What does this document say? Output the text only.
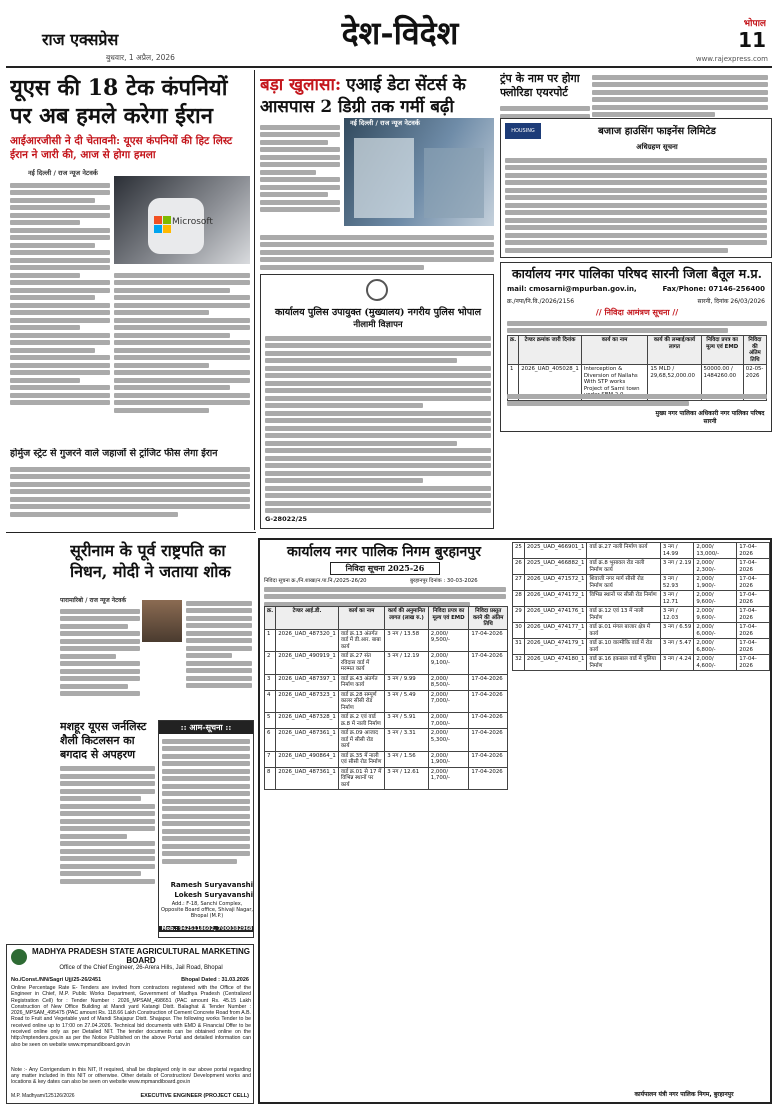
राज एक्सप्रेस
बुधवार, 1 अप्रैल, 2026
देश-विदेश	भोपाल
11
www.rajexpress.com
यूएस की 18 टेक कंपनियों पर अब हमले करेगा ईरान
आईआरजीसी ने दी चेतावनी: यूएस कंपनियों की हिट लिस्ट ईरान ने जारी की, आज से होगा हमला
नई दिल्ली / राज न्यूज नेटवर्क
Microsoft
होर्मुज स्ट्रेट से गुजरने वाले जहाजों से ट्रांजिट फीस लेगा ईरान
बड़ा खुलासा: एआई डेटा सेंटर्स के आसपास 2 डिग्री तक गर्मी बढ़ी
नई दिल्ली / राज न्यूज नेटवर्क
ट्रंप के नाम पर होगा फ्लोरिडा एयरपोर्ट
HOUSING FINANCE
बजाज हाउसिंग फाइनेंस लिमिटेड
अधिग्रहण सूचना
कार्यालय पुलिस उपायुक्त (मुख्यालय) नगरीय पुलिस भोपाल
नीलामी विज्ञापन
G-28022/25
कार्यालय नगर पालिका परिषद सारनी जिला बैतूल म.प्र.
mail: cmosarni@mpurban.gov.in,	Fax/Phone: 07146-256400
क्र./नपा/नि.वि./2026/2156	सारनी, दिनांक 26/03/2026
// निविदा आमंत्रण सूचना //
क्र.	टेण्डर क्रमांक जारी दिनांक	कार्य का नाम	कार्य की लम्बाई/कार्य लागत	निविदा प्रपत्र का मूल्य एवं EMD	निविदा की अंतिम तिथि
1	2026_UAD_405028_1	Interception & Diversion of Nallahs With STP works Project of Sarni town	15 MLD / 29,68,52,000.00	50000.00 / 1484260.00	02-05-2026
मुख्य नगर पालिका अधिकारी नगर पालिका परिषद सारनी
सूरीनाम के पूर्व राष्ट्रपति का निधन, मोदी ने जताया शोक
पारामारिबो / राज न्यूज नेटवर्क
मशहूर यूएस जर्नलिस्ट शैली किटलसन का बगदाद से अपहरण
:: आम-सूचना ::
Ramesh Suryavanshi
Lokesh Suryavanshi
Add.: F-18, Sanchi Complex, Opposite Board office, Shivaji Nagar, Bhopal (M.P.)
Mob.: 9425118602, 7000382968
MADHYA PRADESH STATE AGRICULTURAL MARKETING BOARD
Office of the Chief Engineer, 26-Arera Hills, Jail Road, Bhopal
No./Const./NN/Sagri Ujj/25-26/2451	Bhopal Dated : 31.03.2026
Online Percentage Rate E- Tenders are invited from contractors registered with the Office of the Engineer in Chief, M.P. Public Works Department, Government of Madhya Pradesh (Centralized Registration Cell) for : Tender Number : 2026_MPSAM_498651 (PAC amount Rs. 45.15 Lakh Construction of New Office Building at Mandi yard Katangi Distt. Balaghat & Tender Number : 2026_MPSAM_495475 (PAC amount Rs. 118.66 Lakh Construction of Cement Concrete Road from A.B. Road to Fruit and Vegetable yard of Mandi Shajapur Distt. Shajapur. The following works Tender to be received online up to 17:00 on 27.04.2026. Technical bid documents with EMD & Financial Offer to be received online only as per Detailed NIT. The tender documents can be obtained online on the http://mptenders.gov.in as per the Notice Published on the above Portal and detailed information can also be seen on website www.mpmandiboard.gov.in
Note :- Any Corrigendum in this NIT, If required, shall be displayed only in our above portal regarding any matter included in this NIT or otherwise. Other details of Construction/ Development works and locations & key dates can also be seen on website www.mpmandiboard.gov.in
EXECUTIVE ENGINEER (PROJECT CELL)
M.P. Madhyam/125126/2026
कार्यालय नगर पालिक निगम बुरहानपुर
निविदा सूचना 2025-26
निविदा सूचना क्र./नि.शाखा/न.पा.नि./2025-26/20	बुरहानपुर दिनांक : 30-03-2026
क्र.	टेण्डर आई.डी.	कार्य का नाम	कार्य की अनुमानित लागत (लाख रु.)	निविदा प्रपत्र का मूल्य एवं EMD	निविदा प्रस्तुत करने की अंतिम तिथि
1	2026_UAD_487320_1	वार्ड क्र.13 अंतर्गत वार्ड में डी.आर. बाबा कार्य	3 नग / 13.58	2,000/ 9,500/-	17-04-2026
2	2026_UAD_490919_1	वार्ड क्र.27 संत रविदास वार्ड में मरम्मत कार्य	3 नग / 12.19	2,000/ 9,100/-	17-04-2026
3	2026_UAD_487397_1	वार्ड क्र.43 अंतर्गत निर्माण कार्य	3 नग / 9.99	2,000/ 8,500/-	17-04-2026
4	2026_UAD_487323_1	वार्ड क्र.28 सम्पूर्ण कालर सीसी रोड निर्माण	3 नग / 5.49	2,000/ 7,000/-	17-04-2026
5	2026_UAD_487328_1	वार्ड क्र.2 एवं वार्ड क्र.8 में नाली निर्माण	3 नग / 5.91	2,000/ 7,000/-	17-04-2026
6	2026_UAD_487361_1	वार्ड क्र.09 आजाद वार्ड में सीसी रोड कार्य	3 नग / 3.31	2,000/ 5,300/-	17-04-2026
7	2026_UAD_490864_1	वार्ड क्र.35 में नाली एवं सीसी रोड निर्माण	3 नग / 1.56	2,000/ 1,900/-	17-04-2026
8	2026_UAD_487361_1	वार्ड क्र.01 से 17 में विभिन्न स्थानों पर कार्य	3 नग / 12.61	2,000/ 1,700/-	17-04-2026
25	2025_UAD_466901_1	वार्ड क्र.27 नाली निर्माण कार्य	3 नग / 14.99	2,000/ 13,000/-	17-04-2026
26	2025_UAD_466882_1	वार्ड क्र.8 भुसावल रोड नाली निर्माण कार्य	3 नग / 2.19	2,000/ 2,300/-	17-04-2026
27	2026_UAD_471572_1	शिवाजी नगर मार्ग सीसी रोड निर्माण कार्य	3 नग / 52.93	2,000/ 1,900/-	17-04-2026
28	2026_UAD_474172_1	विभिन्न स्थानों पर सीसी रोड निर्माण	3 नग / 12.71	2,000/ 9,600/-	17-04-2026
29	2026_UAD_474176_1	वार्ड क्र.12 एवं 13 में नाली निर्माण	3 नग / 12.03	2,000/ 9,600/-	17-04-2026
30	2026_UAD_474177_1	वार्ड क्र.01 मंगल बाजार क्षेत्र में कार्य	3 नग / 6.59	2,000/ 6,000/-	17-04-2026
31	2026_UAD_474179_1	वार्ड क्र.10 वाल्मीकि वार्ड में रोड कार्य	3 नग / 5.47	2,000/ 6,800/-	17-04-2026
32	2026_UAD_474180_1	वार्ड क्र.16 इकबाल वार्ड में पुलिया निर्माण	3 नग / 4.24	2,000/ 4,600/-	17-04-2026
कार्यपालन यंत्री नगर पालिक निगम, बुरहानपुर
